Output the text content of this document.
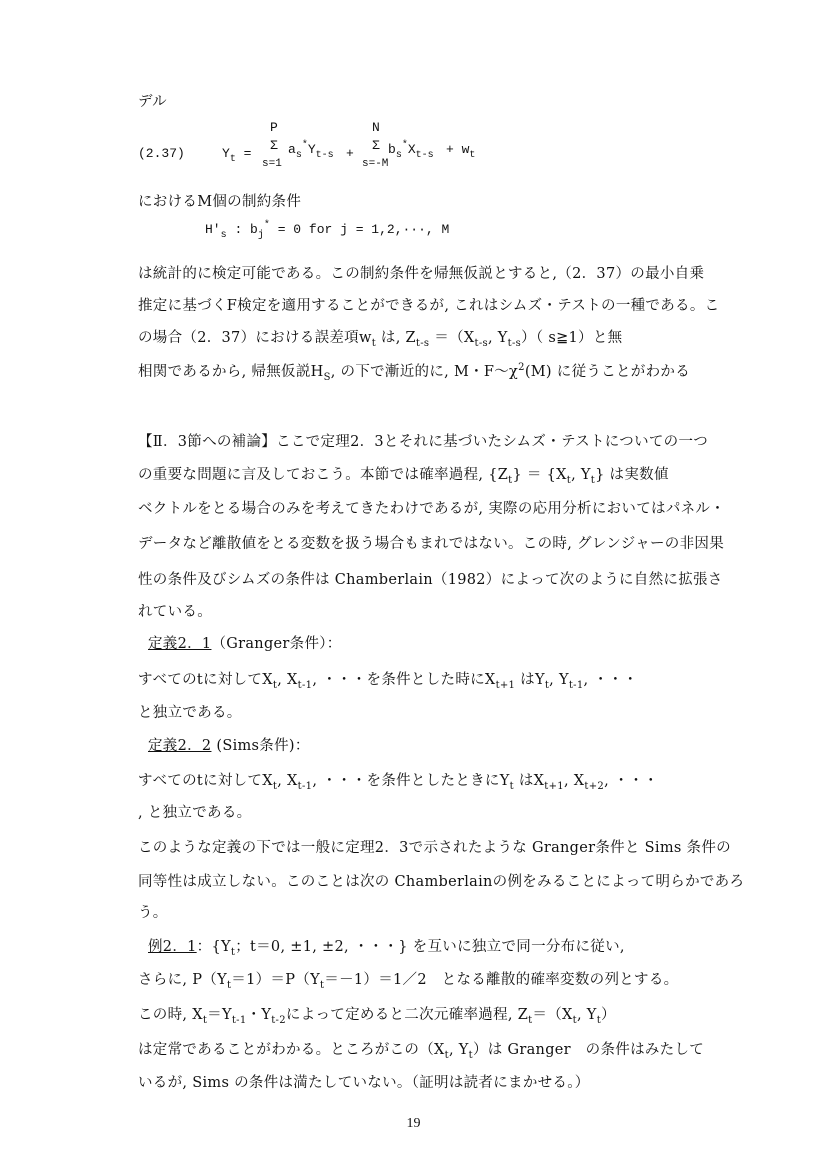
デル
(2.37)	$Y_t$ =
P
Σ
s=1
$a_s^*Y_{t-s}$ +
N
Σ
s=-M
$b_s^*X_{t-s} + w_t$
におけるM個の制約条件
$H'_s$ : $b_j^* = 0$ for j = 1,2,···, M
は統計的に検定可能である。この制約条件を帰無仮説とすると,（2．37）の最小自乗
推定に基づくF検定を適用することができるが, これはシムズ・テストの一種である。こ
の場合（2．37）における誤差項$w_t$ は, $Z_{t-s} =(X_{t-s}$, $Y_{t-s}$）（ s≧1）と無
相関であるから, 帰無仮説$H_S$, の下で漸近的に, M・$F\sim\chi^2(M)$ に従うことがわかる
【Ⅱ．3節への補論】ここで定理2．3とそれに基づいたシムズ・テストについての一つ
の重要な問題に言及しておこう。本節では確率過程, $\{Z_t\} = \{X_t$, $Y_t$} は実数値
ベクトルをとる場合のみを考えてきたわけであるが, 実際の応用分析においてはパネル・
データなど離散値をとる変数を扱う場合もまれではない。この時, グレンジャーの非因果
性の条件及びシムズの条件は Chamberlain（1982）によって次のように自然に拡張さ
れている。
定義2．1（Granger条件）：
すべてのtに対して$X_t$, $X_{t-1}$, ・・・を条件とした時に$X_{t+1}$ は$Y_t$, $Y_{t-1}$, ・・・
と独立である。
定義2．2 (Sims条件)：
すべてのtに対して$X_t$, $X_{t-1}$, ・・・を条件としたときに$Y_t$ は$X_{t+1}$, $X_{t+2}$, ・・・
, と独立である。
このような定義の下では一般に定理2．3で示されたような Granger条件と Sims 条件の
同等性は成立しない。このことは次の Chamberlainの例をみることによって明らかであろ
う。
例2．1：{$Y_t$；t＝0, ±1, ±2, ・・・} を互いに独立で同一分布に従い,
さらに, $P(Y_t=1)=P(Y_t=-1)=1/2$　となる離散的確率変数の列とする。
この時, $X_t=Y_{t-1}$・$Y_{t-2}$によって定めると二次元確率過程, $Z_t=(X_t$, $Y_t$）
は定常であることがわかる。ところがこの（$X_t$, $Y_t$）は Granger　の条件はみたして
いるが, Sims の条件は満たしていない。（証明は読者にまかせる。）
19
